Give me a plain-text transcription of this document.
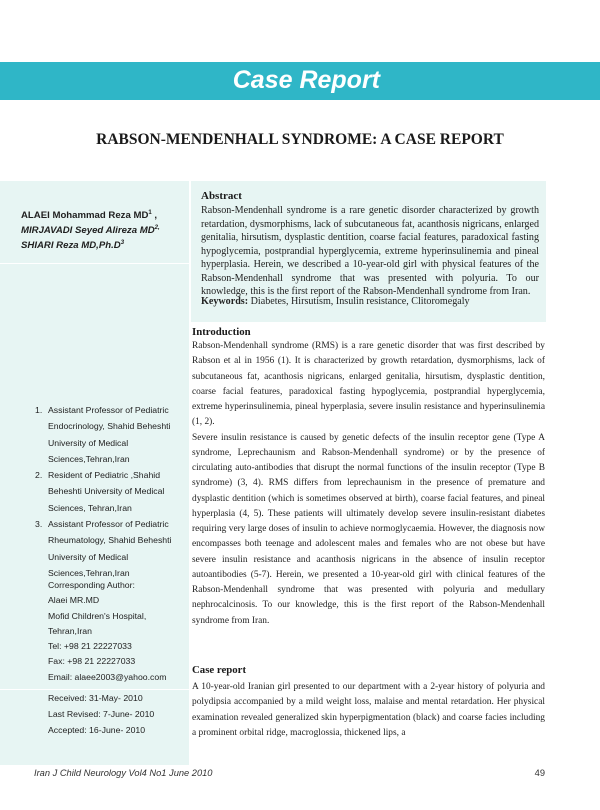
Case Report
RABSON-MENDENHALL SYNDROME: A CASE REPORT
ALAEI Mohammad Reza $MD^1$ ,
MIRJAVADI Seyed Alireza $MD^{2,}$
SHIARI Reza $MD,Ph.D^3$
1. Assistant Professor of Pediatric Endocrinology, Shahid Beheshti University of Medical Sciences,Tehran,Iran
2. Resident of Pediatric ,Shahid Beheshti University of Medical Sciences, Tehran,Iran
3. Assistant Professor of Pediatric Rheumatology, Shahid Beheshti University of Medical Sciences,Tehran,Iran
Corresponding Author:
Alaei MR.MD
Mofid Children's Hospital,
Tehran,Iran
Tel: +98 21 22227033
Fax: +98 21 22227033
Email: alaee2003@yahoo.com
Received: 31-May- 2010
Last Revised: 7-June- 2010
Accepted: 16-June- 2010
Abstract
Rabson-Mendenhall syndrome is a rare genetic disorder characterized by growth retardation, dysmorphisms, lack of subcutaneous fat, acanthosis nigricans, enlarged genitalia, hirsutism, dysplastic dentition, coarse facial features, paradoxical fasting hypoglycemia, postprandial hyperglycemia, extreme hyperinsulinemia and pineal hyperplasia. Herein, we described a 10-year-old girl with physical features of the Rabson-Mendenhall syndrome that was presented with polyuria. To our knowledge, this is the first report of the Rabson-Mendenhall syndrome from Iran.
Keywords: Diabetes, Hirsutism, Insulin resistance, Clitoromegaly
Introduction

Rabson-Mendenhall syndrome (RMS) is a rare genetic disorder that was first described by Rabson et al in 1956 (1). It is characterized by growth retardation, dysmorphisms, lack of subcutaneous fat, acanthosis nigricans, enlarged genitalia, hirsutism, dysplastic dentition, coarse facial features, paradoxical fasting hypoglycemia, postprandial hyperglycemia, extreme hyperinsulinemia, pineal hyperplasia, severe insulin resistance and hyperinsulinemia (1, 2).

Severe insulin resistance is caused by genetic defects of the insulin receptor gene (Type A syndrome, Leprechaunism and Rabson-Mendenhall syndrome) or by the presence of circulating auto-antibodies that disrupt the normal functions of the insulin receptor (Type B syndrome) (3, 4). RMS differs from leprechaunism in the presence of premature and dysplastic dentition (which is sometimes observed at birth), coarse facial features, and pineal hyperplasia (4, 5). These patients will ultimately develop severe insulin-resistant diabetes requiring very large doses of insulin to achieve normoglycaemia. However, the diagnosis now encompasses both teenage and adolescent males and females who are not obese but have severe insulin resistance and acanthosis nigricans in the absence of insulin receptor autoantibodies (5-7). Herein, we presented a 10-year-old girl with clinical features of the Rabson-Mendenhall syndrome that was presented with polyuria and medullary nephrocalcinosis. To our knowledge, this is the first report of the Rabson-Mendenhall syndrome from Iran.

Case report

A 10-year-old Iranian girl presented to our department with a 2-year history of polyuria and polydipsia accompanied by a mild weight loss, malaise and mental retardation. Her physical examination revealed generalized skin hyperpigmentation (black) and coarse facies including a prominent orbital ridge, macroglossia, thickened lips, a

Iran J Child Neurology Vol4 No1 June 2010	49
